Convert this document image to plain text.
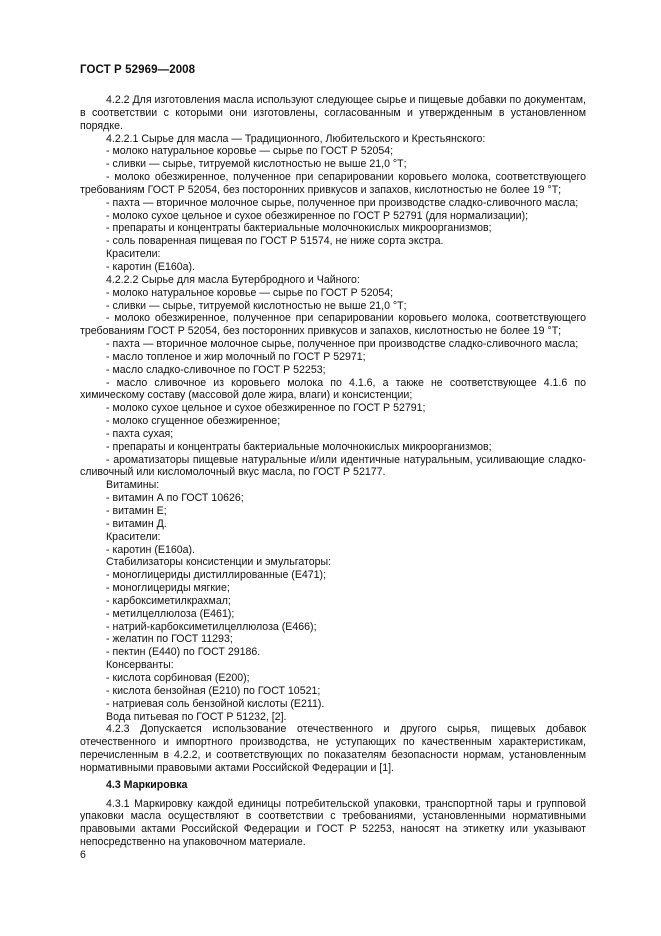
ГОСТ Р 52969—2008

4.2.2 Для изготовления масла используют следующее сырье и пищевые добавки по документам, в соответствии с которыми они изготовлены, согласованным и утвержденным в установленном порядке.

4.2.2.1 Сырье для масла — Традиционного, Любительского и Крестьянского:

- молоко натуральное коровье — сырье по ГОСТ Р 52054;

- сливки — сырье, титруемой кислотностью не выше 21,0 °Т;

- молоко обезжиренное, полученное при сепарировании коровьего молока, соответствующего требованиям ГОСТ Р 52054, без посторонних привкусов и запахов, кислотностью не более 19 °Т;

- пахта — вторичное молочное сырье, полученное при производстве сладко-сливочного масла;

- молоко сухое цельное и сухое обезжиренное по ГОСТ Р 52791 (для нормализации);

- препараты и концентраты бактериальные молочнокислых микроорганизмов;

- соль поваренная пищевая по ГОСТ Р 51574, не ниже сорта экстра.

Красители:

- каротин (Е160а).

4.2.2.2 Сырье для масла Бутербродного и Чайного:

- молоко натуральное коровье — сырье по ГОСТ Р 52054;

- сливки — сырье, титруемой кислотностью не выше 21,0 °Т;

- молоко обезжиренное, полученное при сепарировании коровьего молока, соответствующего требованиям ГОСТ Р 52054, без посторонних привкусов и запахов, кислотностью не более 19 °Т;

- пахта — вторичное молочное сырье, полученное при производстве сладко-сливочного масла;

- масло топленое и жир молочный по ГОСТ Р 52971;

- масло сладко-сливочное по ГОСТ Р 52253;

- масло сливочное из коровьего молока по 4.1.6, а также не соответствующее 4.1.6 по химическому составу (массовой доле жира, влаги) и консистенции;

- молоко сухое цельное и сухое обезжиренное по ГОСТ Р 52791;

- молоко сгущенное обезжиренное;

- пахта сухая;

- препараты и концентраты бактериальные молочнокислых микроорганизмов;

- ароматизаторы пищевые натуральные и/или идентичные натуральным, усиливающие сладко-сливочный или кисломолочный вкус масла, по ГОСТ Р 52177.

Витамины:

- витамин А по ГОСТ 10626;

- витамин Е;

- витамин Д.

Красители:

- каротин (Е160а).

Стабилизаторы консистенции и эмульгаторы:

- моноглицериды дистиллированные (Е471);

- моноглицериды мягкие;

- карбоксиметилкрахмал;

- метилцеллюлоза (Е461);

- натрий-карбоксиметилцеллюлоза (Е466);

- желатин по ГОСТ 11293;

- пектин (Е440) по ГОСТ 29186.

Консерванты:

- кислота сорбиновая (Е200);

- кислота бензойная (Е210) по ГОСТ 10521;

- натриевая соль бензойной кислоты (Е211).

Вода питьевая по ГОСТ Р 51232, [2].

4.2.3 Допускается использование отечественного и другого сырья, пищевых добавок отечественного и импортного производства, не уступающих по качественным характеристикам, перечисленным в 4.2.2, и соответствующих по показателям безопасности нормам, установленным нормативными правовыми актами Российской Федерации и [1].

4.3 Маркировка

4.3.1 Маркировку каждой единицы потребительской упаковки, транспортной тары и групповой упаковки масла осуществляют в соответствии с требованиями, установленными нормативными правовыми актами Российской Федерации и ГОСТ Р 52253, наносят на этикетку или указывают непосредственно на упаковочном материале.

6
